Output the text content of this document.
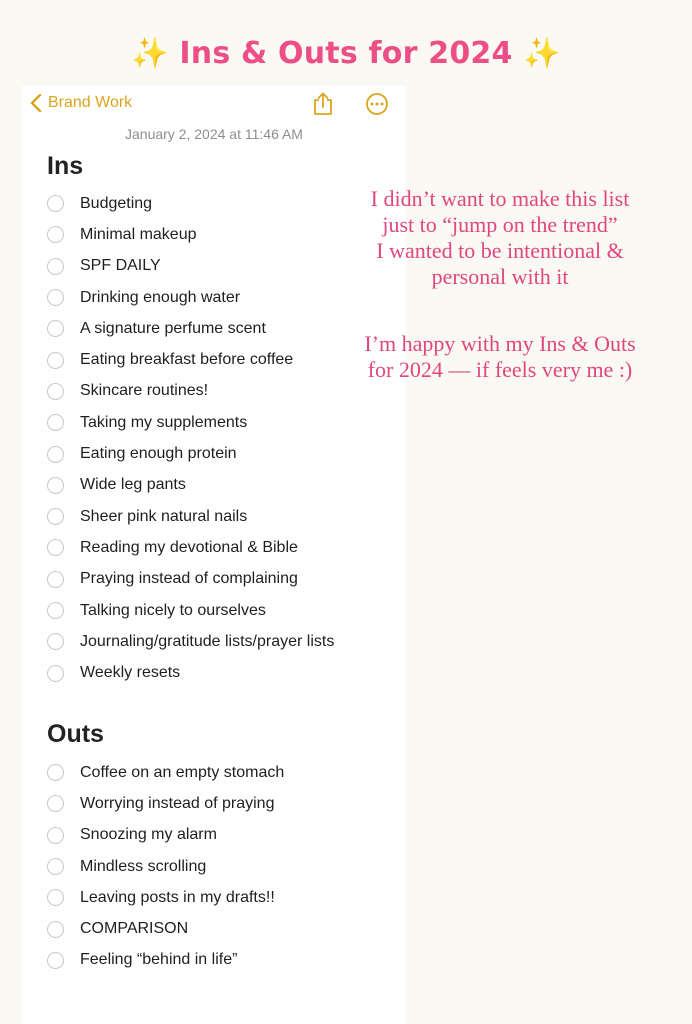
✨ Ins & Outs for 2024 ✨
Brand Work
January 2, 2024 at 11:46 AM
Ins
Budgeting
Minimal makeup
SPF DAILY
Drinking enough water
A signature perfume scent
Eating breakfast before coffee
Skincare routines!
Taking my supplements
Eating enough protein
Wide leg pants
Sheer pink natural nails
Reading my devotional & Bible
Praying instead of complaining
Talking nicely to ourselves
Journaling/gratitude lists/prayer lists
Weekly resets
Outs
Coffee on an empty stomach
Worrying instead of praying
Snoozing my alarm
Mindless scrolling
Leaving posts in my drafts!!
COMPARISON
Feeling “behind in life”
I didn’t want to make this list
just to “jump on the trend”
I wanted to be intentional &
personal with it
I’m happy with my Ins & Outs
for 2024 — if feels very me :)
